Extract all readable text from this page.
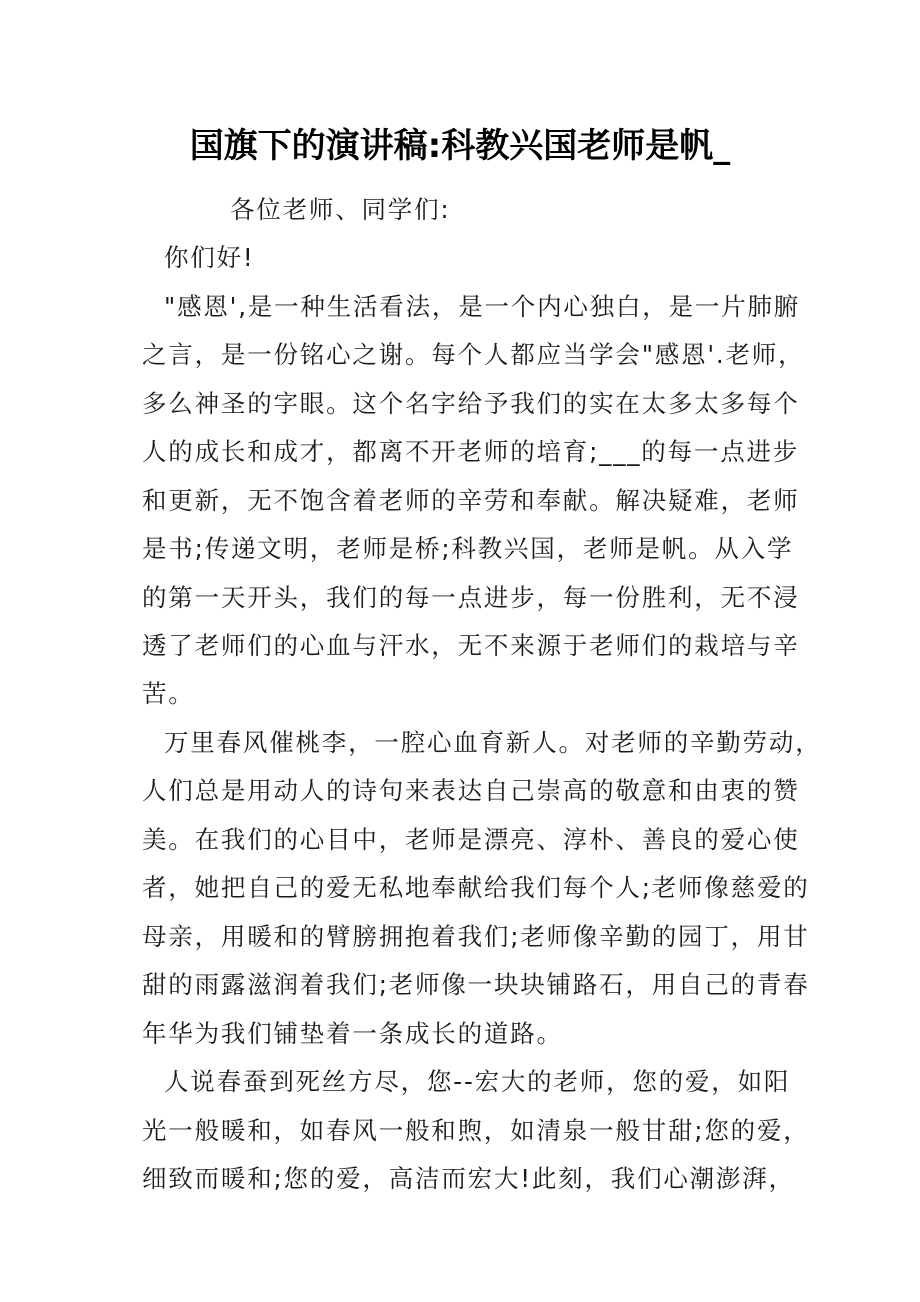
国旗下的演讲稿:科教兴国老师是帆_
各位老师、同学们:
你们好!
"感恩',是一种生活看法，是一个内心独白，是一片肺腑
之言，是一份铭心之谢。每个人都应当学会"感恩'.老师，
多么神圣的字眼。这个名字给予我们的实在太多太多每个
人的成长和成才，都离不开老师的培育;___的每一点进步
和更新，无不饱含着老师的辛劳和奉献。解决疑难，老师
是书;传递文明，老师是桥;科教兴国，老师是帆。从入学
的第一天开头，我们的每一点进步，每一份胜利，无不浸
透了老师们的心血与汗水，无不来源于老师们的栽培与辛
苦。
万里春风催桃李，一腔心血育新人。对老师的辛勤劳动，
人们总是用动人的诗句来表达自己崇高的敬意和由衷的赞
美。在我们的心目中，老师是漂亮、淳朴、善良的爱心使
者，她把自己的爱无私地奉献给我们每个人;老师像慈爱的
母亲，用暖和的臂膀拥抱着我们;老师像辛勤的园丁，用甘
甜的雨露滋润着我们;老师像一块块铺路石，用自己的青春
年华为我们铺垫着一条成长的道路。
人说春蚕到死丝方尽，您--宏大的老师，您的爱，如阳
光一般暖和，如春风一般和煦，如清泉一般甘甜;您的爱，
细致而暖和;您的爱，高洁而宏大!此刻，我们心潮澎湃，
